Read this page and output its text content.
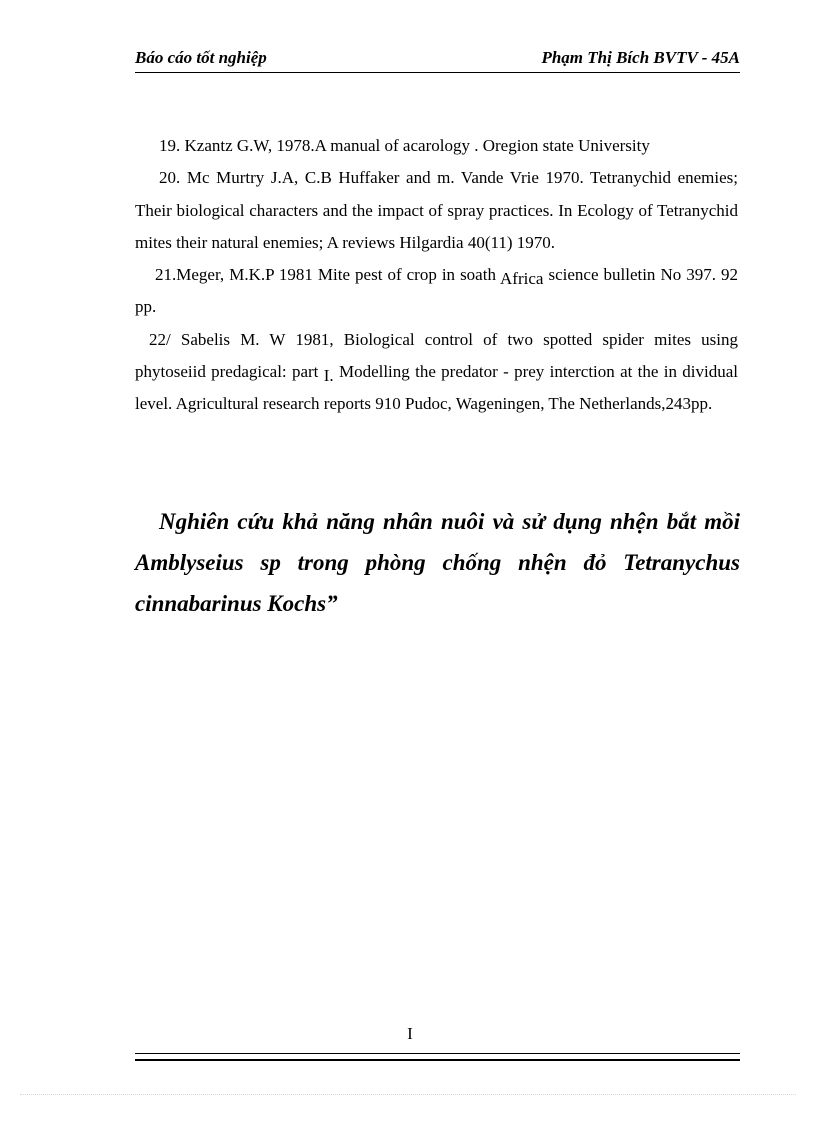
Báo cáo tốt nghiệp	Phạm Thị Bích BVTV - 45A

19. Kzantz G.W, 1978.A manual of acarology . Oregion state University

20. Mc Murtry J.A, C.B Huffaker and m. Vande Vrie 1970. Tetranychid enemies; Their biological characters and the impact of spray practices. In Ecology of Tetranychid mites their natural enemies; A reviews Hilgardia 40(11) 1970.

21.Meger, M.K.P 1981 Mite pest of crop in soath Africa science bulletin No 397. 92 pp.

22/ Sabelis M. W 1981, Biological control of two spotted spider mites using phytoseiid predagical: part I. Modelling the predator - prey interction at the in dividual level. Agricultural research reports 910 Pudoc, Wageningen, The Netherlands,243pp.

Nghiên cứu khả năng nhân nuôi và sử dụng nhện bắt mồi Amblyseius sp trong phòng chống nhện đỏ Tetranychus cinnabarinus Kochs”
I
